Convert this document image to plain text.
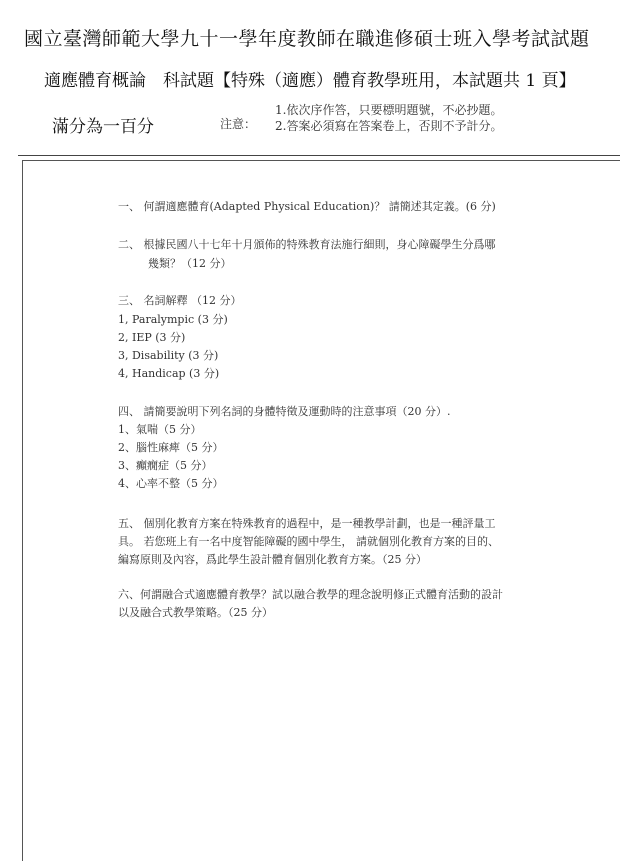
國立臺灣師範大學九十一學年度教師在職進修碩士班入學考試試題
適應體育概論　科試題【特殊（適應）體育教學班用，本試題共 1 頁】
滿分為一百分	注意：
1.依次序作答，只要標明題號，不必抄題。
2.答案必須寫在答案卷上，否則不予計分。
一、 何謂適應體育(Adapted Physical Education)？ 請簡述其定義。(6 分)
二、 根據民國八十七年十月頒佈的特殊教育法施行細則，身心障礙學生分爲哪
幾類？（12 分）
三、 名詞解釋 （12 分）
1, Paralympic (3 分)
2, IEP (3 分)
3, Disability (3 分)
4, Handicap (3 分)
四、 請簡要說明下列名詞的身體特徵及運動時的注意事項（20 分）.
1、氣喘（5 分）
2、腦性麻痺（5 分）
3、癲癇症（5 分）
4、心率不整（5 分）

五、 個別化教育方案在特殊教育的過程中，是一種教學計劃，也是一種評量工

具。 若您班上有一名中度智能障礙的國中學生， 請就個別化教育方案的目的、

編寫原則及內容，爲此學生設計體育個別化教育方案。（25 分）

六、何謂融合式適應體育教學？試以融合教學的理念說明修正式體育活動的設計

以及融合式教學策略。（25 分）
